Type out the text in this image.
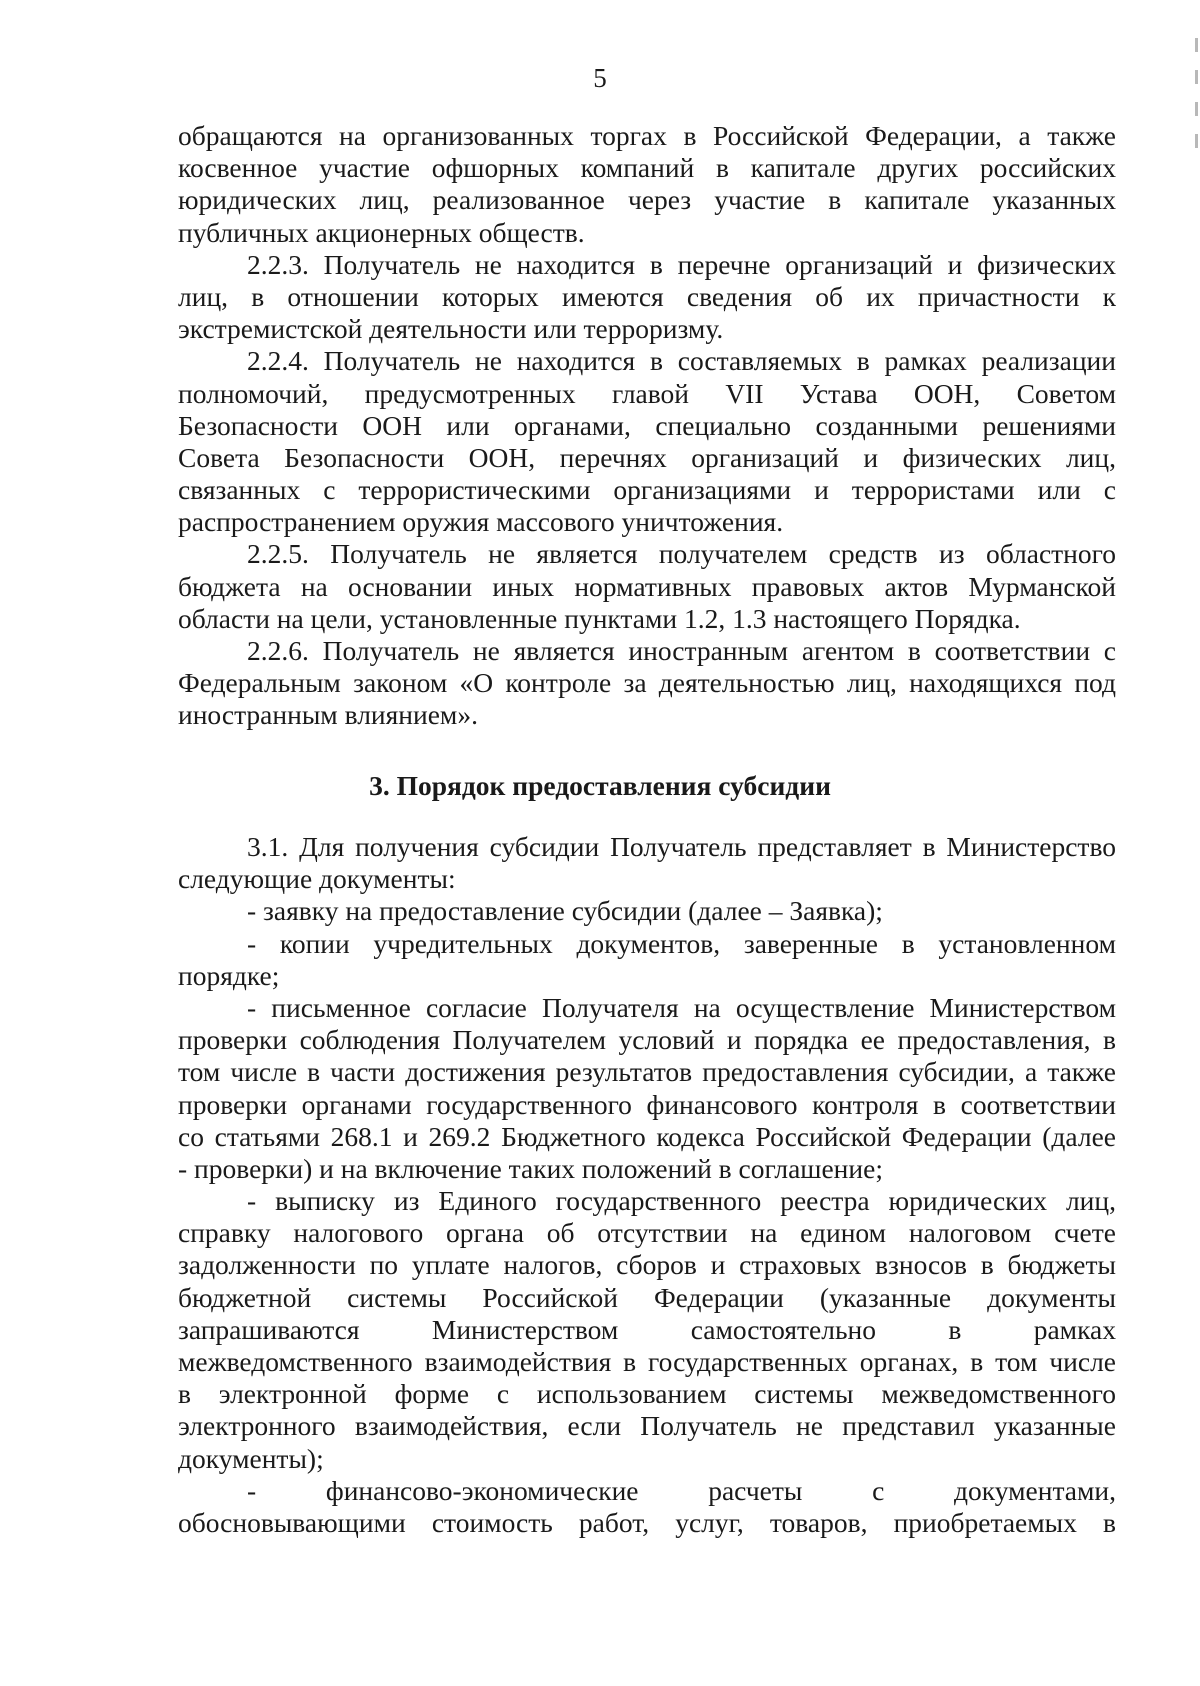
5
обращаются на организованных торгах в Российской Федерации, а также
косвенное участие офшорных компаний в капитале других российских
юридических лиц, реализованное через участие в капитале указанных
публичных акционерных обществ.
2.2.3. Получатель не находится в перечне организаций и физических
лиц, в отношении которых имеются сведения об их причастности к
экстремистской деятельности или терроризму.
2.2.4. Получатель не находится в составляемых в рамках реализации
полномочий, предусмотренных главой VII Устава ООН, Советом
Безопасности ООН или органами, специально созданными решениями
Совета Безопасности ООН, перечнях организаций и физических лиц,
связанных с террористическими организациями и террористами или с
распространением оружия массового уничтожения.
2.2.5. Получатель не является получателем средств из областного
бюджета на основании иных нормативных правовых актов Мурманской
области на цели, установленные пунктами 1.2, 1.3 настоящего Порядка.
2.2.6. Получатель не является иностранным агентом в соответствии с
Федеральным законом «О контроле за деятельностью лиц, находящихся под
иностранным влиянием».
3. Порядок предоставления субсидии
3.1. Для получения субсидии Получатель представляет в Министерство
следующие документы:
- заявку на предоставление субсидии (далее – Заявка);
- копии учредительных документов, заверенные в установленном
порядке;
- письменное согласие Получателя на осуществление Министерством
проверки соблюдения Получателем условий и порядка ее предоставления, в
том числе в части достижения результатов предоставления субсидии, а также
проверки органами государственного финансового контроля в соответствии
со статьями 268.1 и 269.2 Бюджетного кодекса Российской Федерации (далее
- проверки) и на включение таких положений в соглашение;
- выписку из Единого государственного реестра юридических лиц,
справку налогового органа об отсутствии на едином налоговом счете
задолженности по уплате налогов, сборов и страховых взносов в бюджеты
бюджетной системы Российской Федерации (указанные документы
запрашиваются Министерством самостоятельно в рамках
межведомственного взаимодействия в государственных органах, в том числе
в электронной форме с использованием системы межведомственного
электронного взаимодействия, если Получатель не представил указанные
документы);
- финансово-экономические расчеты с документами,
обосновывающими стоимость работ, услуг, товаров, приобретаемых в
